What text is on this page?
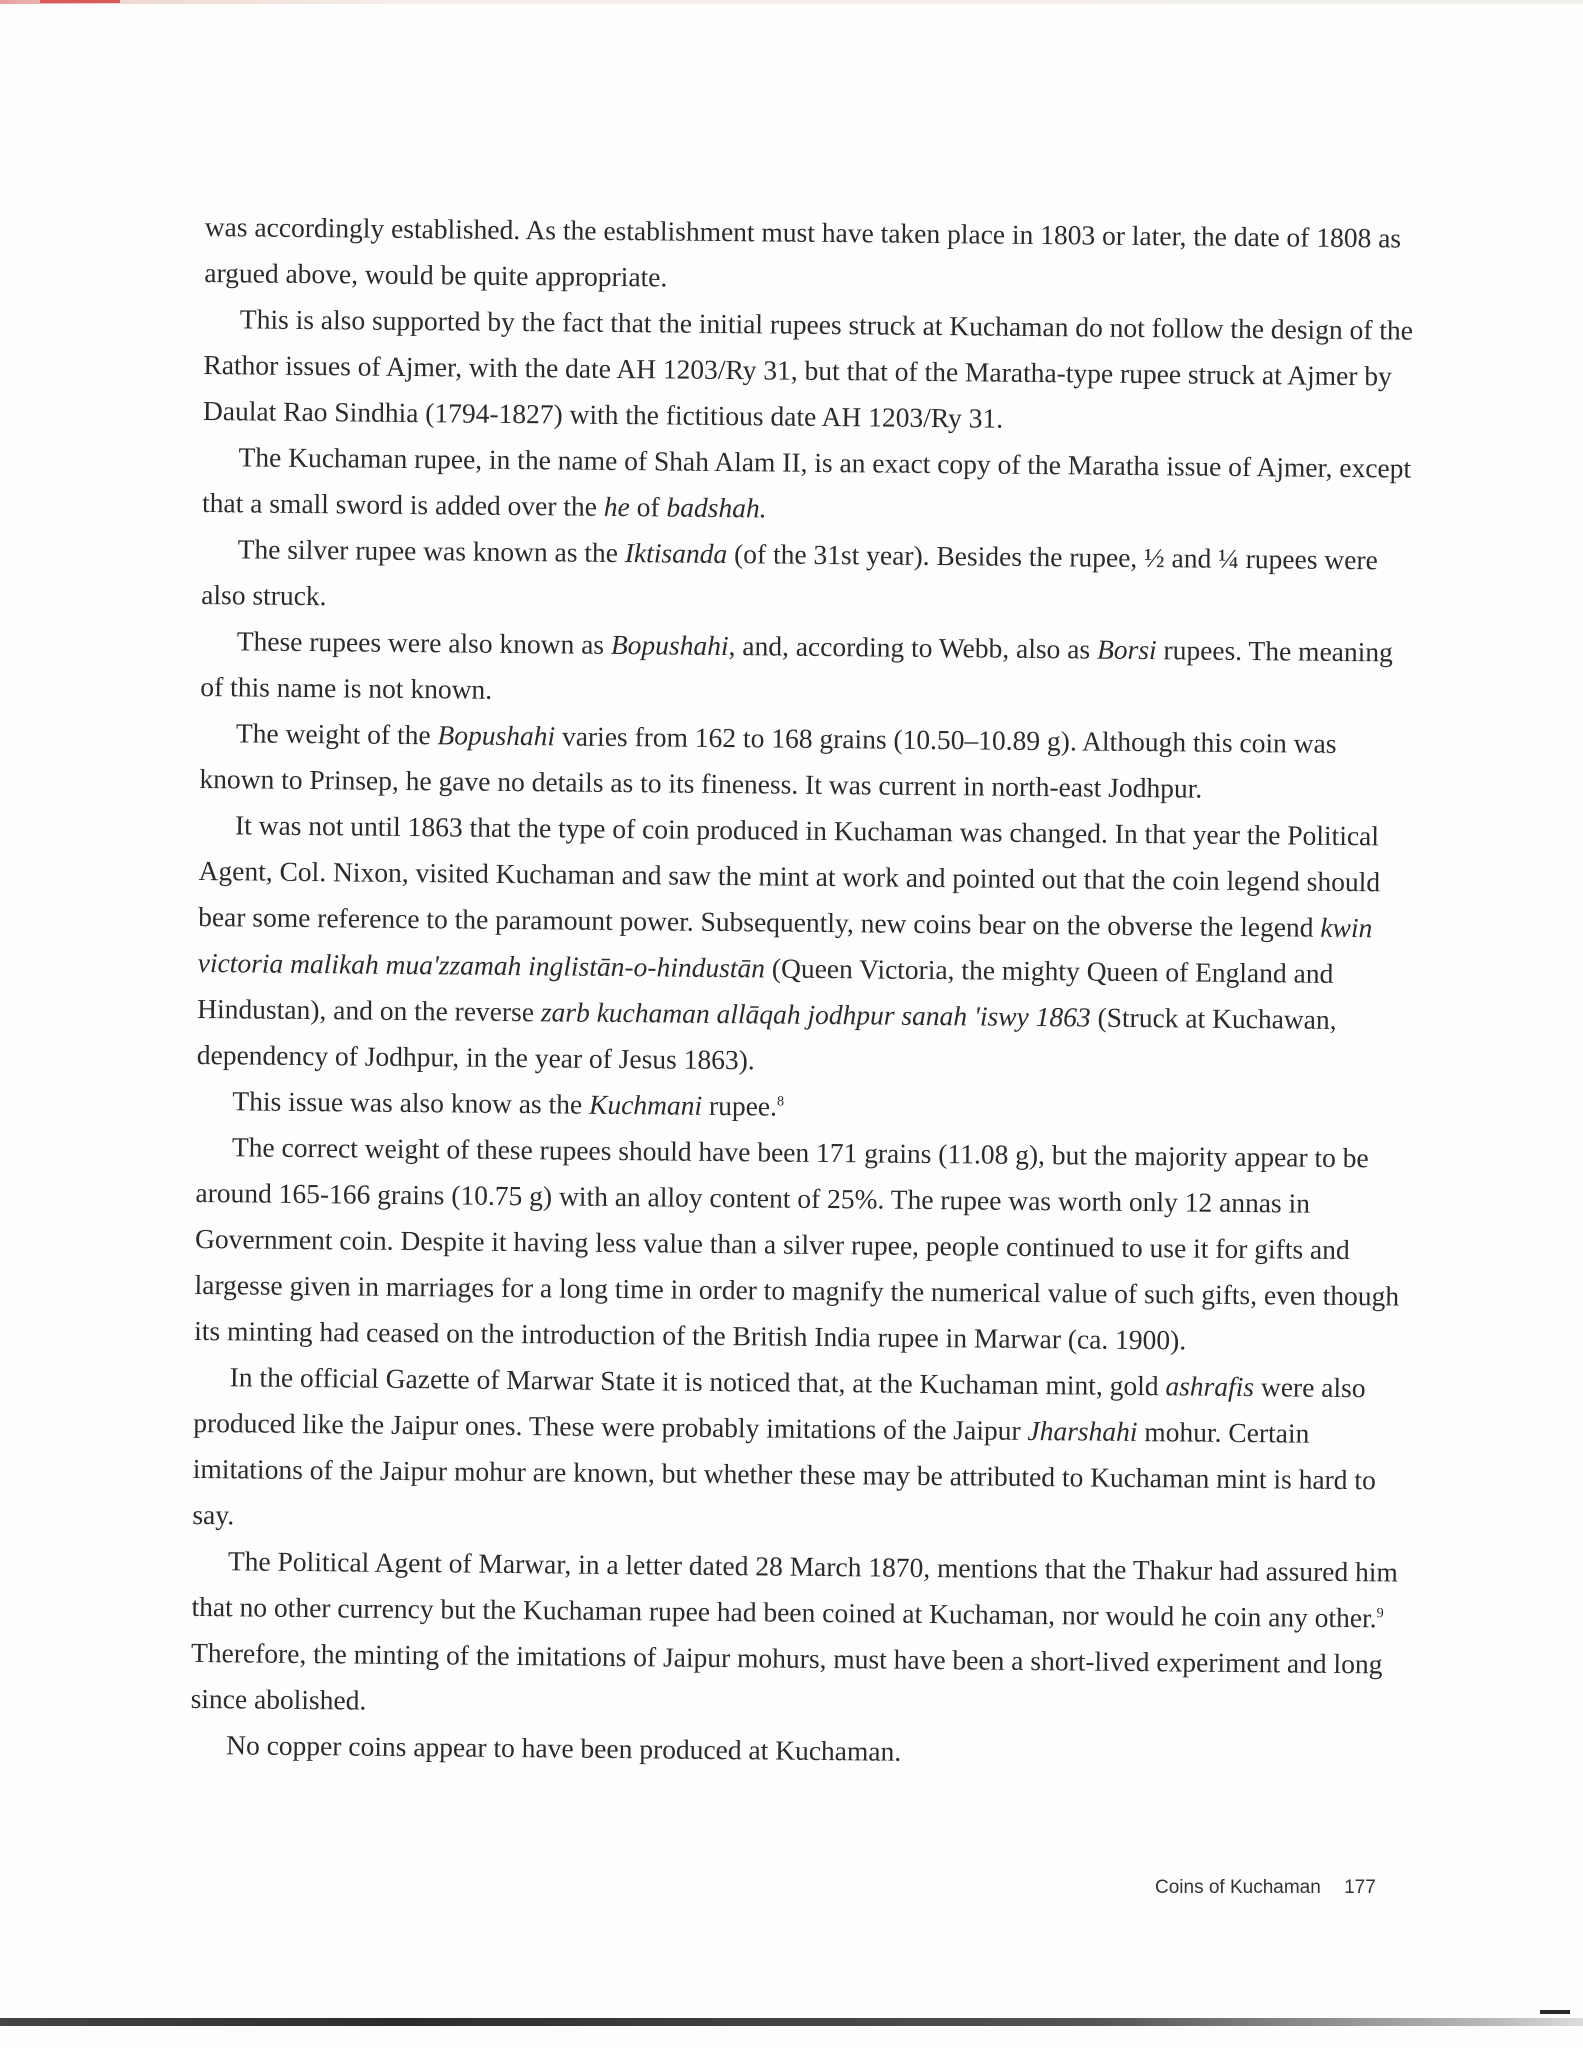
was accordingly established. As the establishment must have taken place in 1803 or later, the date of 1808 as argued above, would be quite appropriate.

This is also supported by the fact that the initial rupees struck at Kuchaman do not follow the design of the Rathor issues of Ajmer, with the date AH 1203/Ry 31, but that of the Maratha-type rupee struck at Ajmer by Daulat Rao Sindhia (1794-1827) with the fictitious date AH 1203/Ry 31.

The Kuchaman rupee, in the name of Shah Alam II, is an exact copy of the Maratha issue of Ajmer, except that a small sword is added over the he of badshah.

The silver rupee was known as the Iktisanda (of the 31st year). Besides the rupee, ½ and ¼ rupees were also struck.

These rupees were also known as Bopushahi, and, according to Webb, also as Borsi rupees. The meaning of this name is not known.

The weight of the Bopushahi varies from 162 to 168 grains (10.50–10.89 g). Although this coin was known to Prinsep, he gave no details as to its fineness. It was current in north-east Jodhpur.

It was not until 1863 that the type of coin produced in Kuchaman was changed. In that year the Political Agent, Col. Nixon, visited Kuchaman and saw the mint at work and pointed out that the coin legend should bear some reference to the paramount power. Subsequently, new coins bear on the obverse the legend kwin victoria malikah mua'zzamah inglistān-o-hindustān (Queen Victoria, the mighty Queen of England and Hindustan), and on the reverse zarb kuchaman allāqah jodhpur sanah 'iswy 1863 (Struck at Kuchawan, dependency of Jodhpur, in the year of Jesus 1863).

This issue was also know as the Kuchmani rupee.$^8$

The correct weight of these rupees should have been 171 grains (11.08 g), but the majority appear to be around 165-166 grains (10.75 g) with an alloy content of 25%. The rupee was worth only 12 annas in Government coin. Despite it having less value than a silver rupee, people continued to use it for gifts and largesse given in marriages for a long time in order to magnify the numerical value of such gifts, even though its minting had ceased on the introduction of the British India rupee in Marwar (ca. 1900).

In the official Gazette of Marwar State it is noticed that, at the Kuchaman mint, gold ashrafis were also produced like the Jaipur ones. These were probably imitations of the Jaipur Jharshahi mohur. Certain imitations of the Jaipur mohur are known, but whether these may be attributed to Kuchaman mint is hard to say.

The Political Agent of Marwar, in a letter dated 28 March 1870, mentions that the Thakur had assured him that no other currency but the Kuchaman rupee had been coined at Kuchaman, nor would he coin any other.$^9$ Therefore, the minting of the imitations of Jaipur mohurs, must have been a short-lived experiment and long since abolished.

No copper coins appear to have been produced at Kuchaman.

Coins of Kuchaman 177
